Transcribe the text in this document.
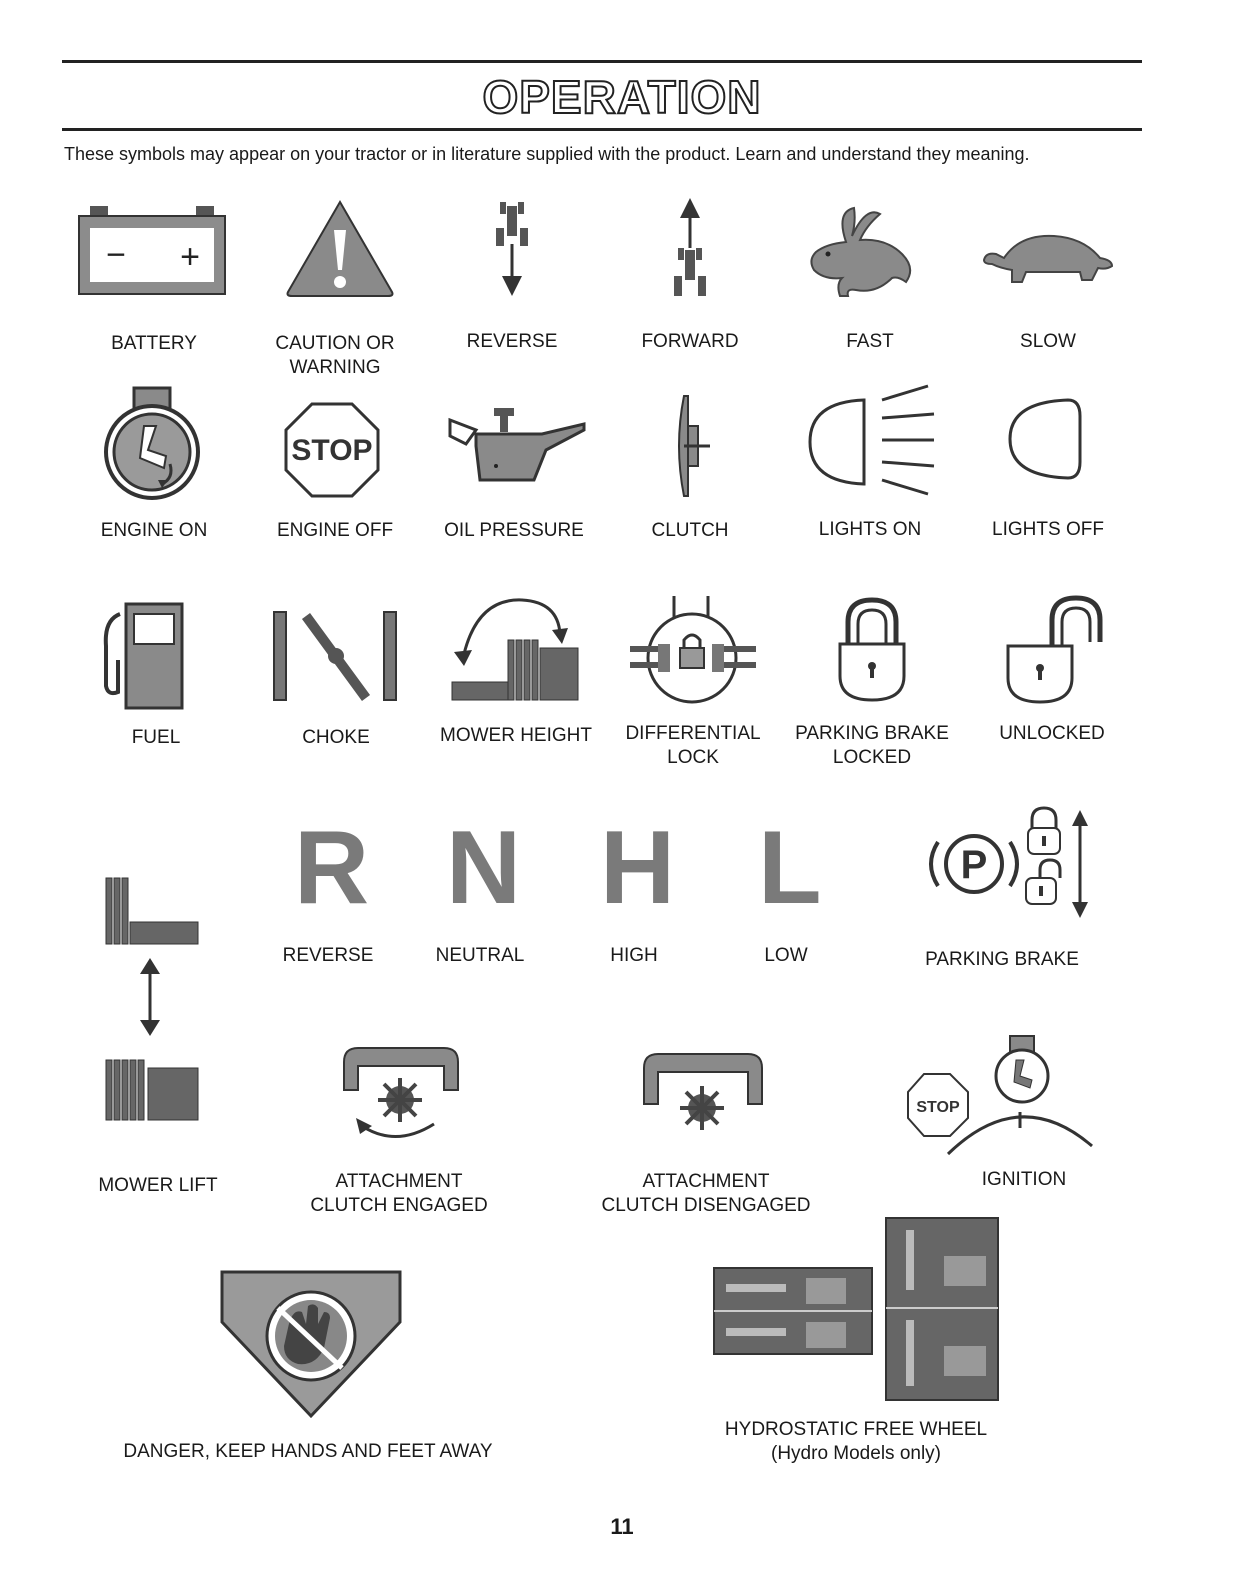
OPERATION
These symbols may appear on your tractor or in literature supplied with the product. Learn and understand they meaning.
− +
BATTERY	CAUTION OR
WARNING
REVERSE	FORWARD	FAST	SLOW
ENGINE ON
STOP
ENGINE OFF	OIL PRESSURE	CLUTCH	LIGHTS ON	LIGHTS OFF
FUEL	CHOKE	MOWER HEIGHT	DIFFERENTIAL
LOCK
PARKING BRAKE
LOCKED
UNLOCKED
MOWER LIFT
R N H L
REVERSE	NEUTRAL	HIGH	LOW
P
PARKING BRAKE
ATTACHMENT
CLUTCH ENGAGED
ATTACHMENT
CLUTCH DISENGAGED
STOP
IGNITION
DANGER, KEEP HANDS AND FEET AWAY
HYDROSTATIC FREE WHEEL
(Hydro Models only)
11
